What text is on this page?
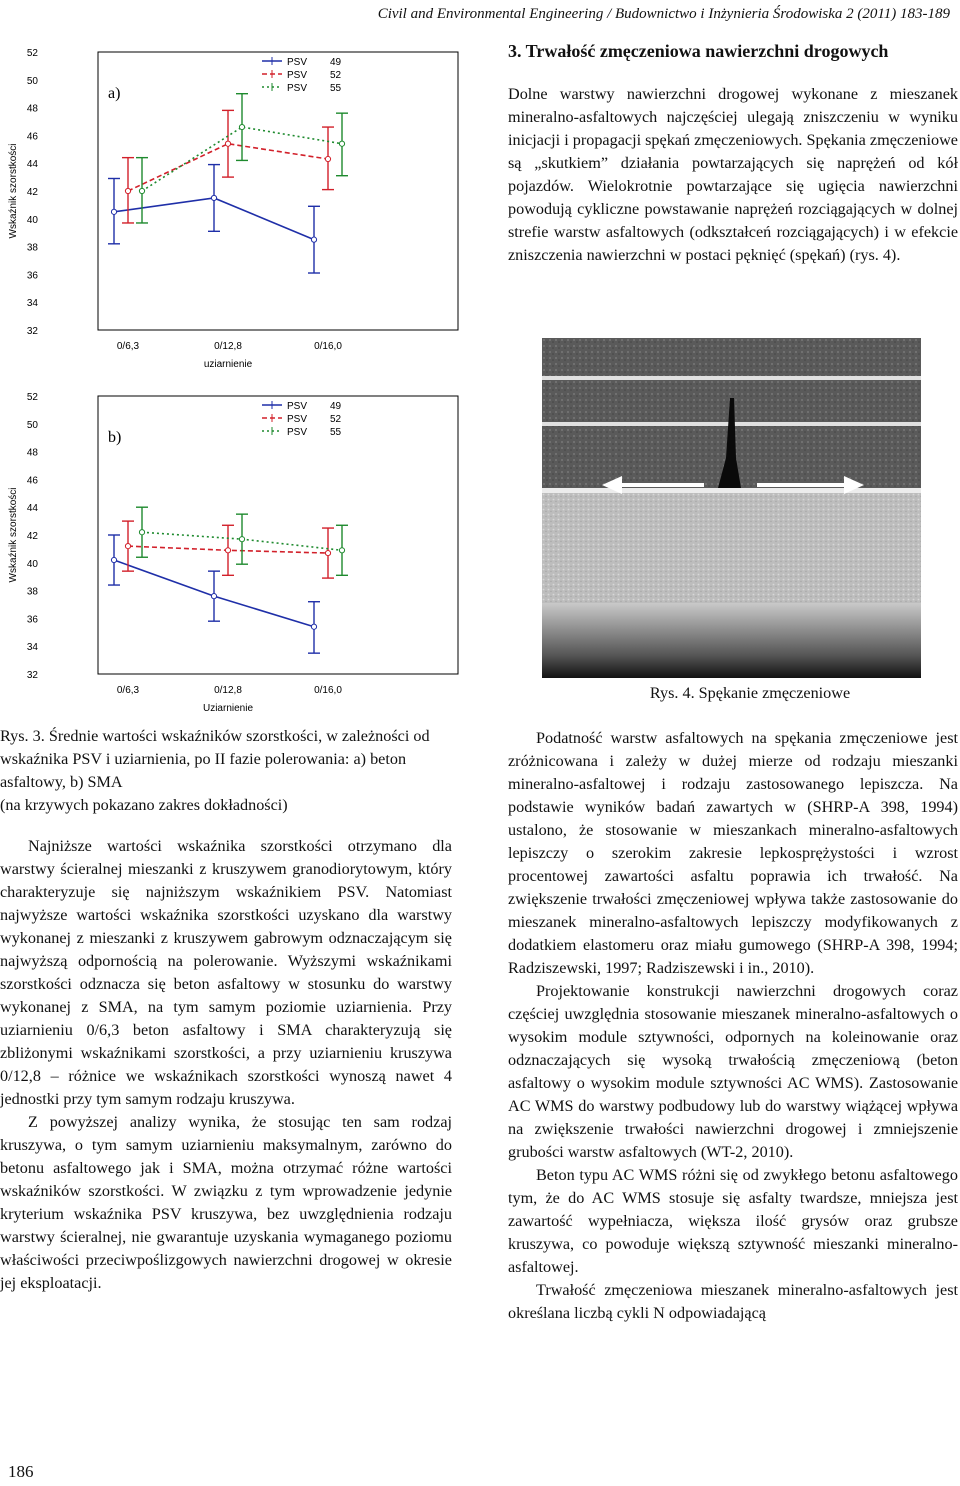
Civil and Environmental Engineering / Budownictwo i Inżynieria Środowiska 2 (2011) 183-189
32
34
36
38
40
42
44
46
48
50
52
Wskaźnik szorstkości
0/6,3	0/12,8	0/16,0
uziarnienie
a)
PSV 49
PSV 52
PSV 55
32
34
36
38
40
42
44
46
48
50
52
Wskaźnik szorstkości
0/6,3	0/12,8	0/16,0
Uziarnienie
b)
PSV 49
PSV 52
PSV 55
3. Trwałość zmęczeniowa nawierzchni drogowych

Dolne warstwy nawierzchni drogowej wykonane z mieszanek mineralno-asfaltowych najczęściej ulegają zniszczeniu w wyniku inicjacji i propagacji spękań zmęczeniowych. Spękania zmęczeniowe są „skutkiem” działania powtarzających się naprężeń od kół pojazdów. Wielokrotnie powtarzające się ugięcia nawierzchni powodują cykliczne powstawanie naprężeń rozciągających w dolnej strefie warstw asfaltowych (odkształceń rozciągających) i w efekcie zniszczenia nawierzchni w postaci pęknięć (spękań) (rys. 4).

Rys. 4. Spękanie zmęczeniowe

Rys. 3. Średnie wartości wskaźników szorstkości, w zależności od wskaźnika PSV i uziarnienia, po II fazie polerowania: a) beton asfaltowy, b) SMA
(na krzywych pokazano zakres dokładności)

Najniższe wartości wskaźnika szorstkości otrzymano dla warstwy ścieralnej mieszanki z kruszywem granodiorytowym, który charakteryzuje się najniższym wskaźnikiem PSV. Natomiast najwyższe wartości wskaźnika szorstkości uzyskano dla warstwy wykonanej z mieszanki z kruszywem gabrowym odznaczającym się najwyższą odpornością na polerowanie. Wyższymi wskaźnikami szorstkości odznacza się beton asfaltowy w stosunku do warstwy wykonanej z SMA, na tym samym poziomie uziarnienia. Przy uziarnieniu 0/6,3 beton asfaltowy i SMA charakteryzują się zbliżonymi wskaźnikami szorstkości, a przy uziarnieniu kruszywa 0/12,8 – różnice we wskaźnikach szorstkości wynoszą nawet 4 jednostki przy tym samym rodzaju kruszywa.

Z powyższej analizy wynika, że stosując ten sam rodzaj kruszywa, o tym samym uziarnieniu maksymalnym, zarówno do betonu asfaltowego jak i SMA, można otrzymać różne wartości wskaźników szorstkości. W związku z tym wprowadzenie jedynie kryterium wskaźnika PSV kruszywa, bez uwzględnienia rodzaju warstwy ścieralnej, nie gwarantuje uzyskania wymaganego poziomu właściwości przeciwpoślizgowych nawierzchni drogowej w okresie jej eksploatacji.

Podatność warstw asfaltowych na spękania zmęczeniowe jest zróżnicowana i zależy w dużej mierze od rodzaju mieszanki mineralno-asfaltowej i rodzaju zastosowanego lepiszcza. Na podstawie wyników badań zawartych w (SHRP-A 398, 1994) ustalono, że stosowanie w mieszankach mineralno-asfaltowych lepiszczy o szerokim zakresie lepkosprężystości i wzrost procentowej zawartości asfaltu poprawia ich trwałość. Na zwiększenie trwałości zmęczeniowej wpływa także zastosowanie do mieszanek mineralno-asfaltowych lepiszczy modyfikowanych z dodatkiem elastomeru oraz miału gumowego (SHRP-A 398, 1994; Radziszewski, 1997; Radziszewski i in., 2010).

Projektowanie konstrukcji nawierzchni drogowych coraz częściej uwzględnia stosowanie mieszanek mineralno-asfaltowych o wysokim module sztywności, odpornych na koleinowanie oraz odznaczających się wysoką trwałością zmęczeniową (beton asfaltowy o wysokim module sztywności AC WMS). Zastosowanie AC WMS do warstwy podbudowy lub do warstwy wiążącej wpływa na zwiększenie trwałości nawierzchni drogowej i zmniejszenie grubości warstw asfaltowych (WT-2, 2010).

Beton typu AC WMS różni się od zwykłego betonu asfaltowego tym, że do AC WMS stosuje się asfalty twardsze, mniejsza jest zawartość wypełniacza, większa ilość grysów oraz grubsze kruszywa, co powoduje większą sztywność mieszanki mineralno-asfaltowej.

Trwałość zmęczeniowa mieszanek mineralno-asfaltowych jest określana liczbą cykli N odpowiadającą

186
